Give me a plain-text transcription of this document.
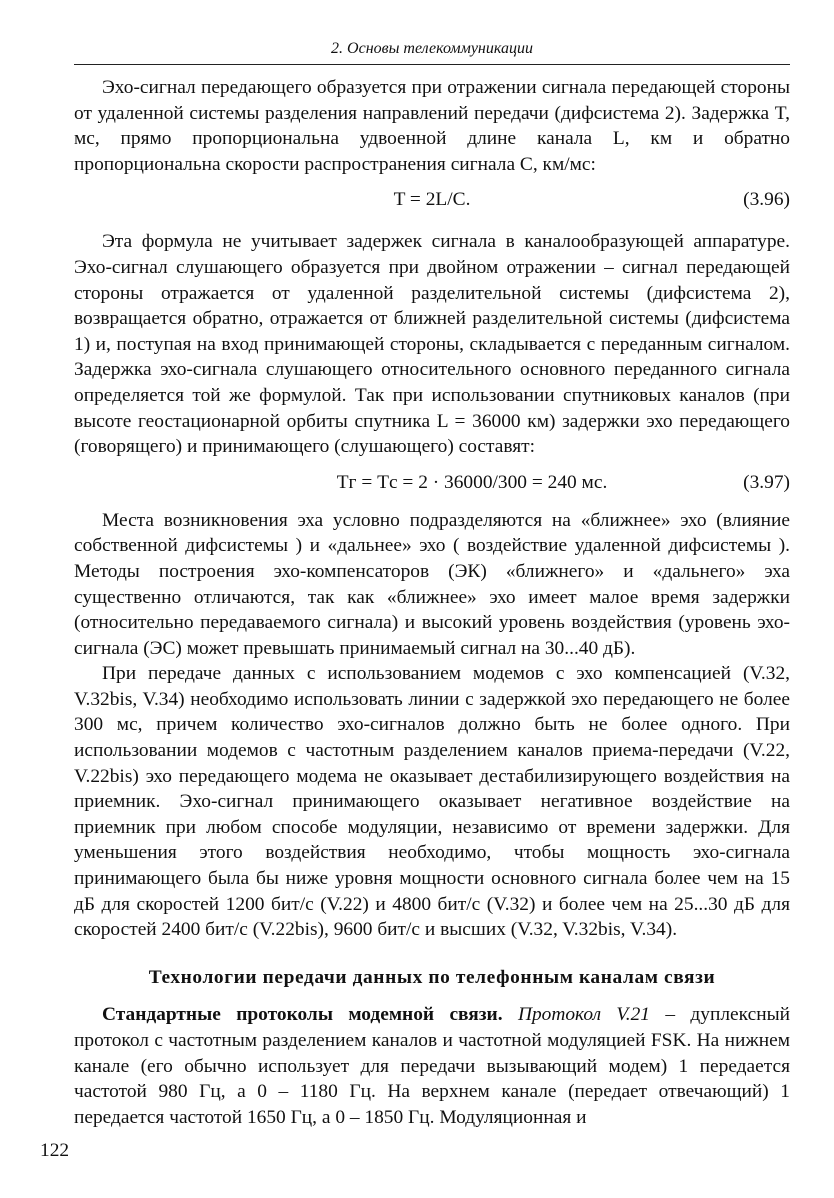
2. Основы телекоммуникации

Эхо-сигнал передающего образуется при отражении сигнала передающей стороны от удаленной системы разделения направлений передачи (дифсистема 2). Задержка T, мс, прямо пропорциональна удвоенной длине канала L, км и обратно пропорциональна скорости распространения сигнала C, км/мс:

T = 2L/C.	(3.96)

Эта формула не учитывает задержек сигнала в каналообразующей аппаратуре. Эхо-сигнал слушающего образуется при двойном отражении – сигнал передающей стороны отражается от удаленной разделительной системы (дифсистема 2), возвращается обратно, отражается от ближней разделительной системы (дифсистема 1) и, поступая на вход принимающей стороны, складывается с переданным сигналом. Задержка эхо-сигнала слушающего относительного основного переданного сигнала определяется той же формулой. Так при использовании спутниковых каналов (при высоте геостационарной орбиты спутника L = 36000 км) задержки эхо передающего (говорящего) и принимающего (слушающего) составят:

Tг = Tс = 2 · 36000/300 = 240 мс.	(3.97)

Места возникновения эха условно подразделяются на «ближнее» эхо (влияние собственной дифсистемы ) и «дальнее» эхо ( воздействие удаленной дифсистемы ). Методы построения эхо-компенсаторов (ЭК) «ближнего» и «дальнего» эха существенно отличаются, так как «ближнее» эхо имеет малое время задержки (относительно передаваемого сигнала) и высокий уровень воздействия (уровень эхо-сигнала (ЭС) может превышать принимаемый сигнал на 30...40 дБ).

При передаче данных с использованием модемов с эхо компенсацией (V.32, V.32bis, V.34) необходимо использовать линии с задержкой эхо передающего не более 300 мс, причем количество эхо-сигналов должно быть не более одного. При использовании модемов с частотным разделением каналов приема-передачи (V.22, V.22bis) эхо передающего модема не оказывает дестабилизирующего воздействия на приемник. Эхо-сигнал принимающего оказывает негативное воздействие на приемник при любом способе модуляции, независимо от времени задержки. Для уменьшения этого воздействия необходимо, чтобы мощность эхо-сигнала принимающего была бы ниже уровня мощности основного сигнала более чем на 15 дБ для скоростей 1200 бит/с (V.22) и 4800 бит/с (V.32) и более чем на 25...30 дБ для скоростей 2400 бит/с (V.22bis), 9600 бит/с и высших (V.32, V.32bis, V.34).

Технологии передачи данных по телефонным каналам связи

Стандартные протоколы модемной связи. Протокол V.21 – дуплексный протокол с частотным разделением каналов и частотной модуляцией FSK. На нижнем канале (его обычно использует для передачи вызывающий модем) 1 передается частотой 980 Гц, а 0 – 1180 Гц. На верхнем канале (передает отвечающий) 1 передается частотой 1650 Гц, а 0 – 1850 Гц. Модуляционная и

122
